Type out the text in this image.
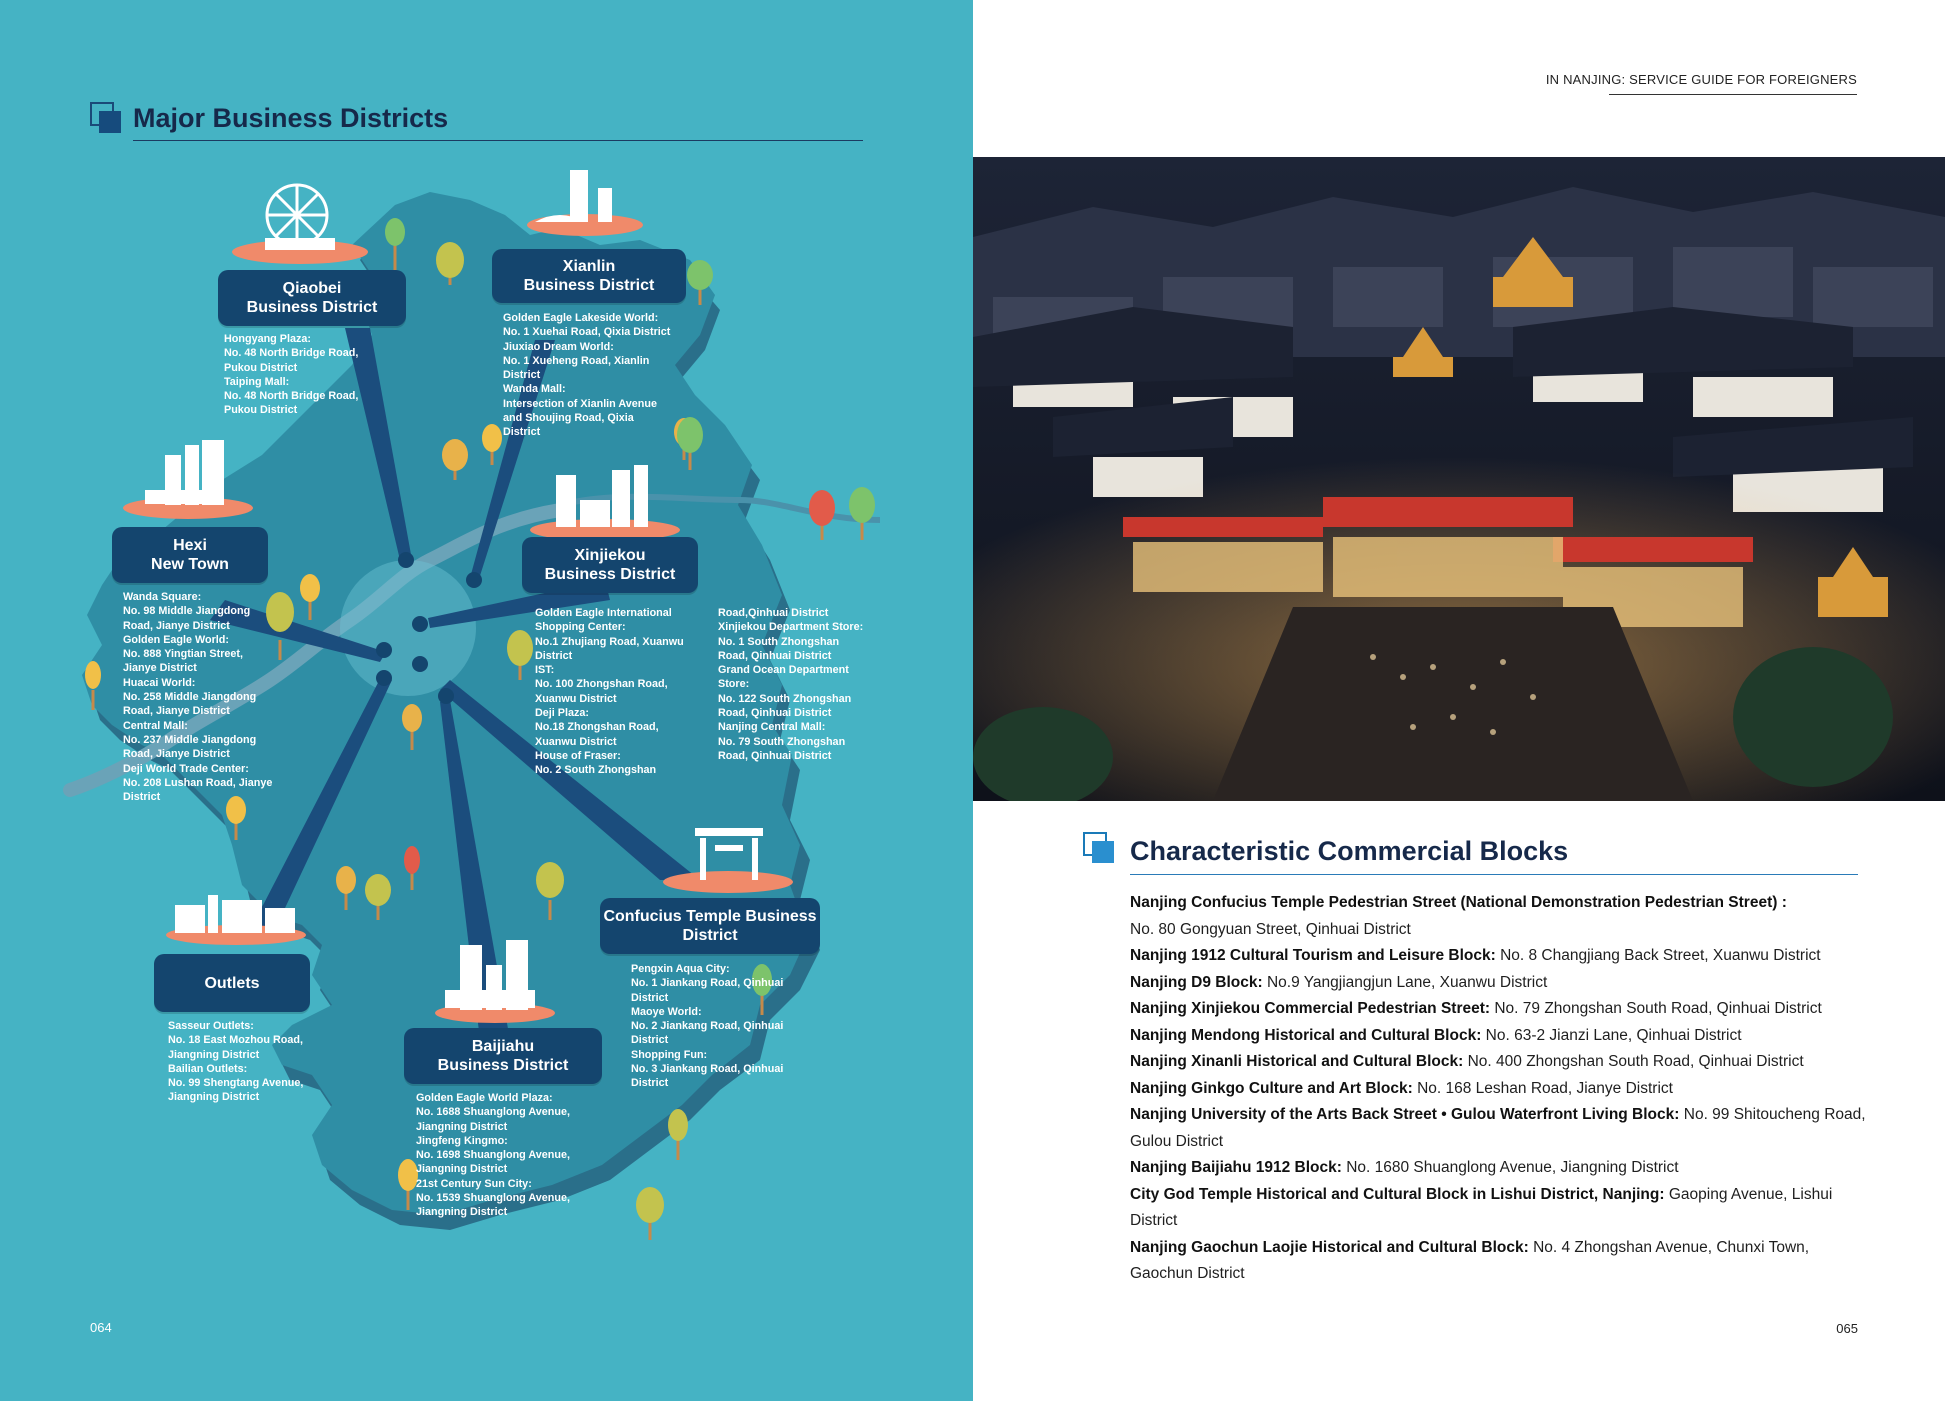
Major Business Districts
Qiaobei
Business District
Hongyang Plaza:
No. 48 North Bridge Road,
Pukou District
Taiping Mall:
No. 48 North Bridge Road,
Pukou District
Xianlin
Business District
Golden Eagle Lakeside World:
No. 1 Xuehai Road, Qixia District
Jiuxiao Dream World:
No. 1 Xueheng Road, Xianlin
District
Wanda Mall:
Intersection of Xianlin Avenue
and Shoujing Road, Qixia
District
Hexi
New Town
Wanda Square:
No. 98 Middle Jiangdong
Road, Jianye District
Golden Eagle World:
No. 888 Yingtian Street,
Jianye District
Huacai World:
No. 258 Middle Jiangdong
Road, Jianye District
Central Mall:
No. 237 Middle Jiangdong
Road, Jianye District
Deji World Trade Center:
No. 208 Lushan Road, Jianye
District
Xinjiekou
Business District
Golden Eagle International
Shopping Center:
No.1 Zhujiang Road, Xuanwu
District
IST:
No. 100 Zhongshan Road,
Xuanwu District
Deji Plaza:
No.18 Zhongshan Road,
Xuanwu District
House of Fraser:
No. 2 South Zhongshan
Road,Qinhuai District
Xinjiekou Department Store:
No. 1 South Zhongshan
Road, Qinhuai District
Grand Ocean Department
Store:
No. 122 South Zhongshan
Road, Qinhuai District
Nanjing Central Mall:
No. 79 South Zhongshan
Road, Qinhuai District
Confucius Temple Business
District
Pengxin Aqua City:
No. 1 Jiankang Road, Qinhuai
District
Maoye World:
No. 2 Jiankang Road, Qinhuai
District
Shopping Fun:
No. 3 Jiankang Road, Qinhuai
District
Outlets
Sasseur Outlets:
No. 18 East Mozhou Road,
Jiangning District
Bailian Outlets:
No. 99 Shengtang Avenue,
Jiangning District
Baijiahu
Business District
Golden Eagle World Plaza:
No. 1688 Shuanglong Avenue,
Jiangning District
Jingfeng Kingmo:
No. 1698 Shuanglong Avenue,
Jiangning District
21st Century Sun City:
No. 1539 Shuanglong Avenue,
Jiangning District
064
IN NANJING: SERVICE GUIDE FOR FOREIGNERS
Characteristic Commercial Blocks

Nanjing Confucius Temple Pedestrian Street (National Demonstration Pedestrian Street) :
No. 80 Gongyuan Street, Qinhuai District

Nanjing 1912 Cultural Tourism and Leisure Block: No. 8 Changjiang Back Street, Xuanwu District

Nanjing D9 Block: No.9 Yangjiangjun Lane, Xuanwu District

Nanjing Xinjiekou Commercial Pedestrian Street: No. 79 Zhongshan South Road, Qinhuai District

Nanjing Mendong Historical and Cultural Block: No. 63-2 Jianzi Lane, Qinhuai District

Nanjing Xinanli Historical and Cultural Block: No. 400 Zhongshan South Road, Qinhuai District

Nanjing Ginkgo Culture and Art Block: No. 168 Leshan Road, Jianye District

Nanjing University of the Arts Back Street • Gulou Waterfront Living Block: No. 99 Shitoucheng Road, Gulou District

Nanjing Baijiahu 1912 Block: No. 1680 Shuanglong Avenue, Jiangning District

City God Temple Historical and Cultural Block in Lishui District, Nanjing: Gaoping Avenue, Lishui District

Nanjing Gaochun Laojie Historical and Cultural Block: No. 4 Zhongshan Avenue, Chunxi Town, Gaochun District

065
